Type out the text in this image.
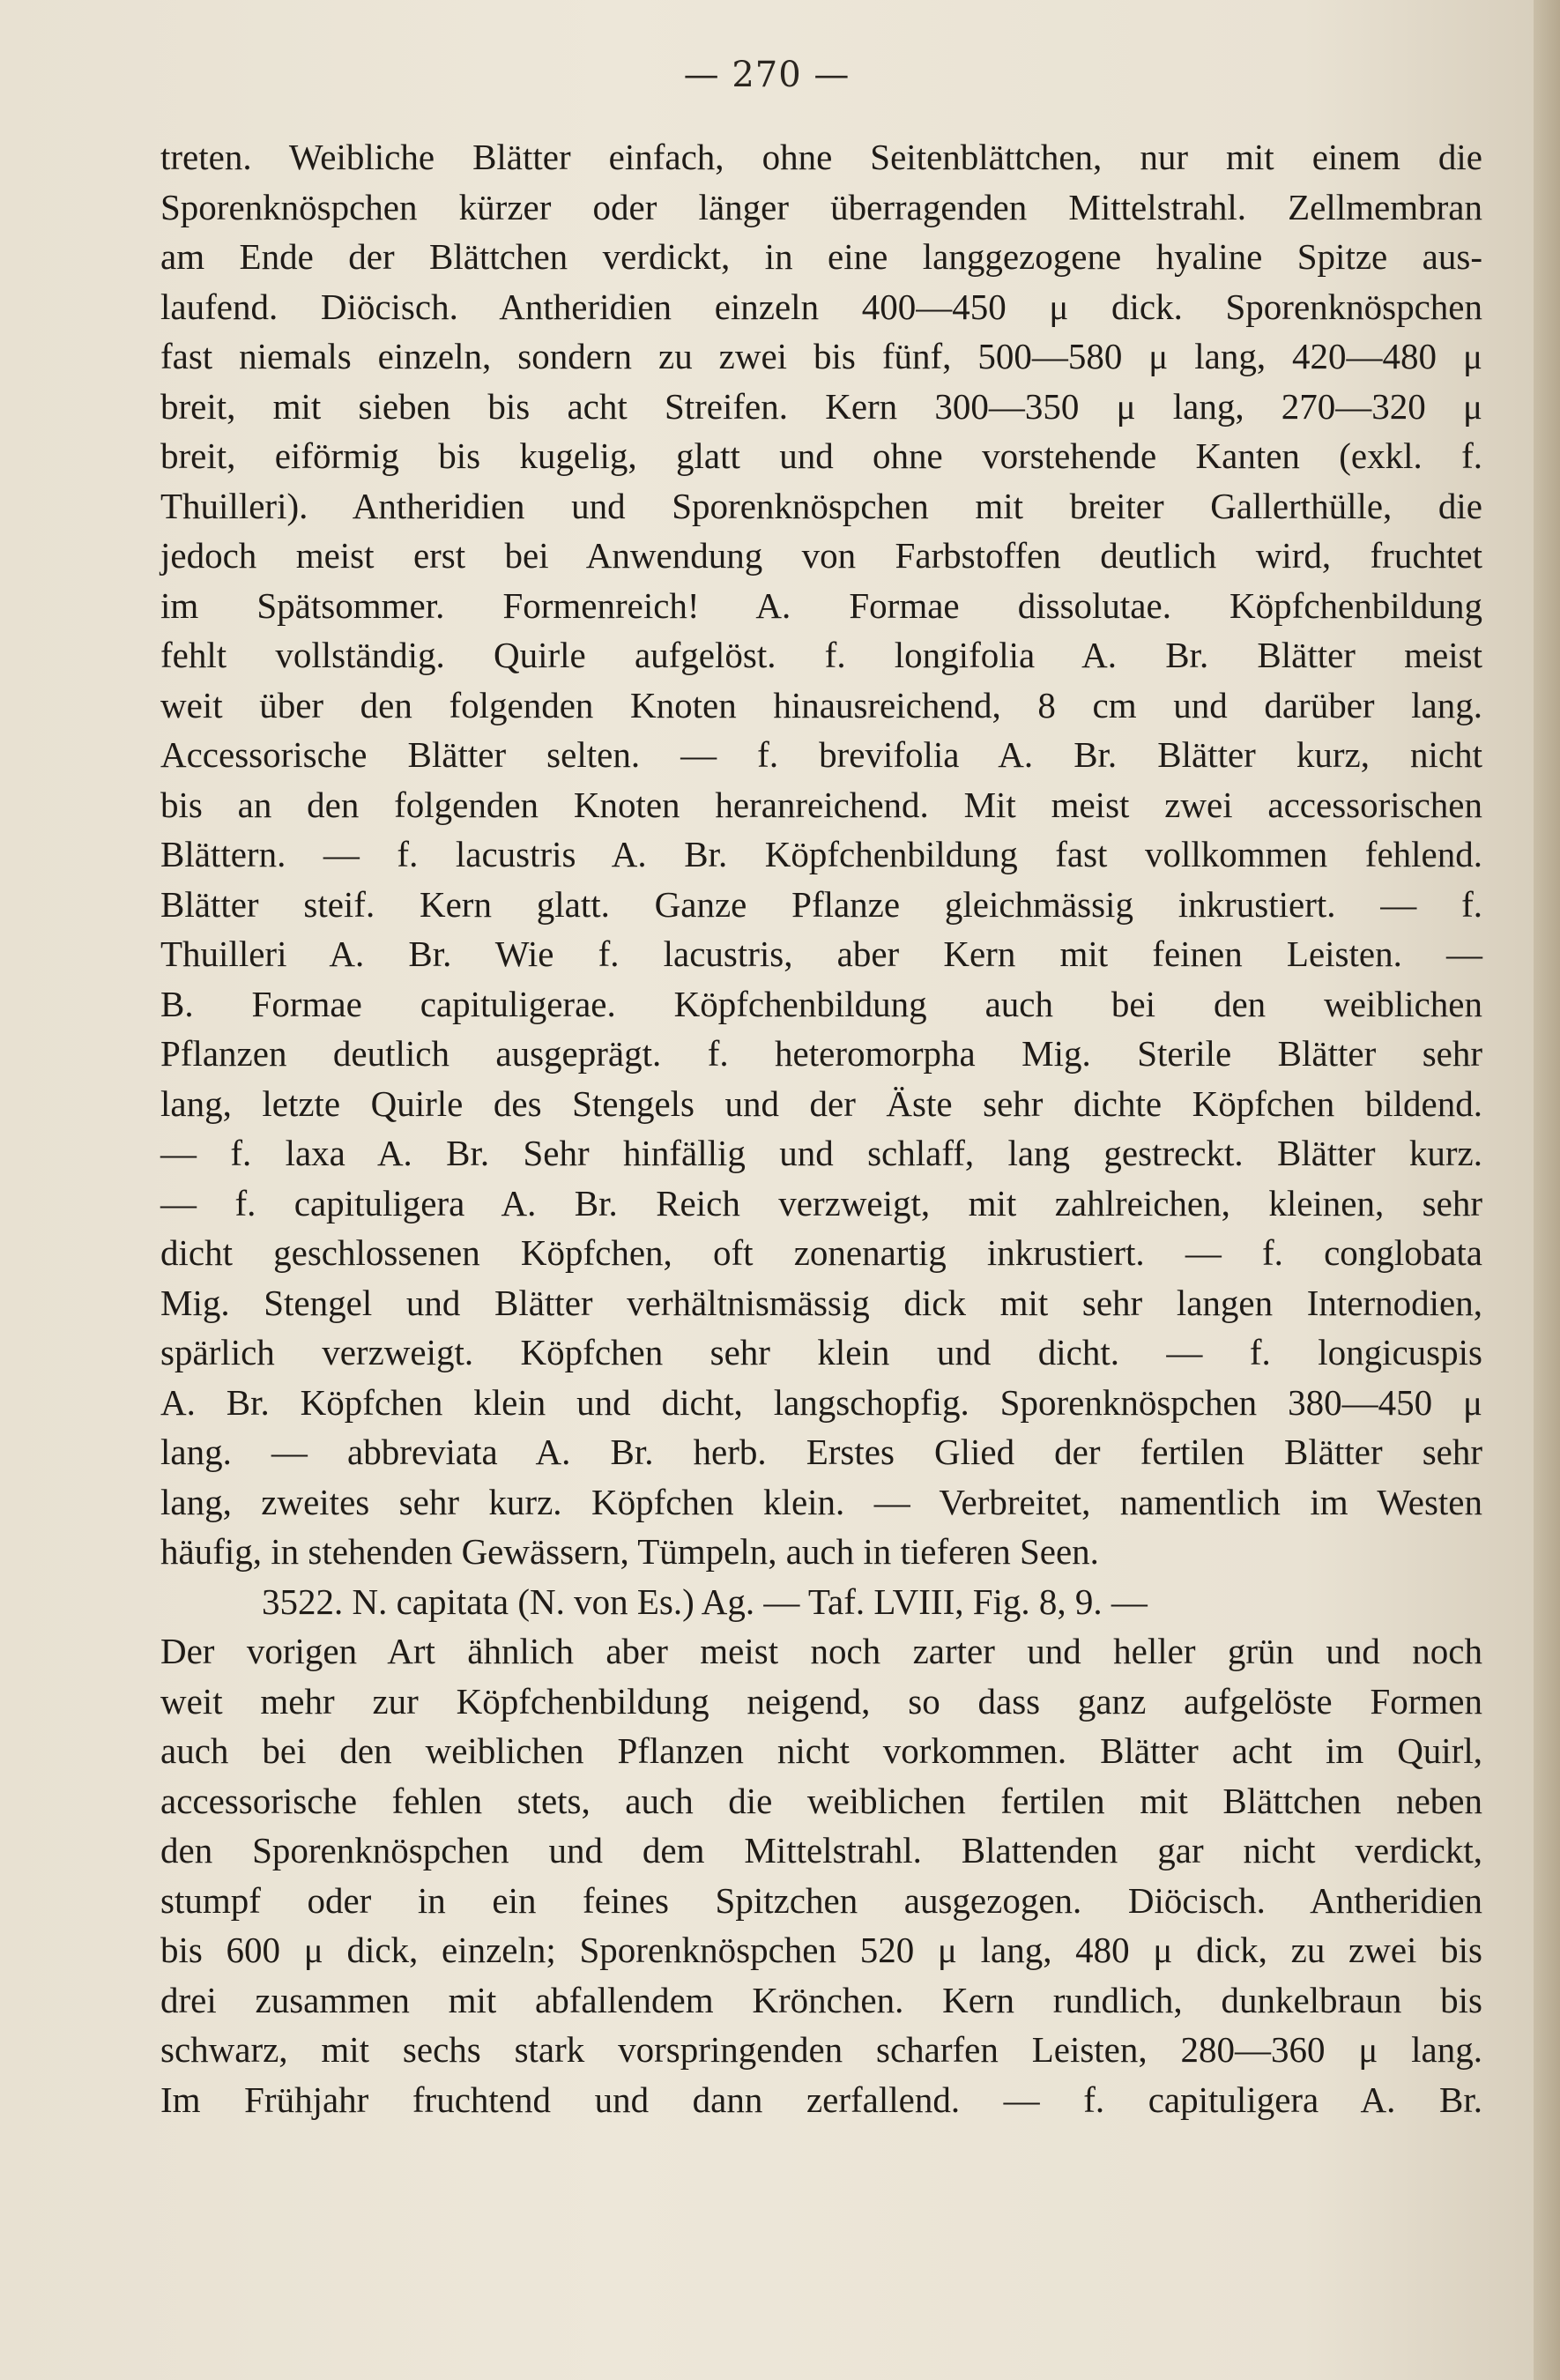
— 270 —
treten. Weibliche Blätter einfach, ohne Seitenblättchen, nur mit einem die
Sporenknöspchen kürzer oder länger überragenden Mittelstrahl. Zellmembran
am Ende der Blättchen verdickt, in eine langgezogene hyaline Spitze aus-
laufend. Diöcisch. Antheridien einzeln 400—450 μ dick. Sporenknöspchen
fast niemals einzeln, sondern zu zwei bis fünf, 500—580 μ lang, 420—480 μ
breit, mit sieben bis acht Streifen. Kern 300—350 μ lang, 270—320 μ
breit, eiförmig bis kugelig, glatt und ohne vorstehende Kanten (exkl. f.
Thuilleri). Antheridien und Sporenknöspchen mit breiter Gallerthülle, die
jedoch meist erst bei Anwendung von Farbstoffen deutlich wird, fruchtet
im Spätsommer. Formenreich! A. Formae dissolutae. Köpfchenbildung
fehlt vollständig. Quirle aufgelöst. f. longifolia A. Br. Blätter meist
weit über den folgenden Knoten hinausreichend, 8 cm und darüber lang.
Accessorische Blätter selten. — f. brevifolia A. Br. Blätter kurz, nicht
bis an den folgenden Knoten heranreichend. Mit meist zwei accessorischen
Blättern. — f. lacustris A. Br. Köpfchenbildung fast vollkommen fehlend.
Blätter steif. Kern glatt. Ganze Pflanze gleichmässig inkrustiert. — f.
Thuilleri A. Br. Wie f. lacustris, aber Kern mit feinen Leisten. —
B. Formae capituligerae. Köpfchenbildung auch bei den weiblichen
Pflanzen deutlich ausgeprägt. f. heteromorpha Mig. Sterile Blätter sehr
lang, letzte Quirle des Stengels und der Äste sehr dichte Köpfchen bildend.
— f. laxa A. Br. Sehr hinfällig und schlaff, lang gestreckt. Blätter kurz.
— f. capituligera A. Br. Reich verzweigt, mit zahlreichen, kleinen, sehr
dicht geschlossenen Köpfchen, oft zonenartig inkrustiert. — f. conglobata
Mig. Stengel und Blätter verhältnismässig dick mit sehr langen Internodien,
spärlich verzweigt. Köpfchen sehr klein und dicht. — f. longicuspis
A. Br. Köpfchen klein und dicht, langschopfig. Sporenknöspchen 380—450 μ
lang. — abbreviata A. Br. herb. Erstes Glied der fertilen Blätter sehr
lang, zweites sehr kurz. Köpfchen klein. — Verbreitet, namentlich im Westen
häufig, in stehenden Gewässern, Tümpeln, auch in tieferen Seen.
3522. N. capitata (N. von Es.) Ag. — Taf. LVIII, Fig. 8, 9. —
Der vorigen Art ähnlich aber meist noch zarter und heller grün und noch
weit mehr zur Köpfchenbildung neigend, so dass ganz aufgelöste Formen
auch bei den weiblichen Pflanzen nicht vorkommen. Blätter acht im Quirl,
accessorische fehlen stets, auch die weiblichen fertilen mit Blättchen neben
den Sporenknöspchen und dem Mittelstrahl. Blattenden gar nicht verdickt,
stumpf oder in ein feines Spitzchen ausgezogen. Diöcisch. Antheridien
bis 600 μ dick, einzeln; Sporenknöspchen 520 μ lang, 480 μ dick, zu zwei bis
drei zusammen mit abfallendem Krönchen. Kern rundlich, dunkelbraun bis
schwarz, mit sechs stark vorspringenden scharfen Leisten, 280—360 μ lang.
Im Frühjahr fruchtend und dann zerfallend. — f. capituligera A. Br.
